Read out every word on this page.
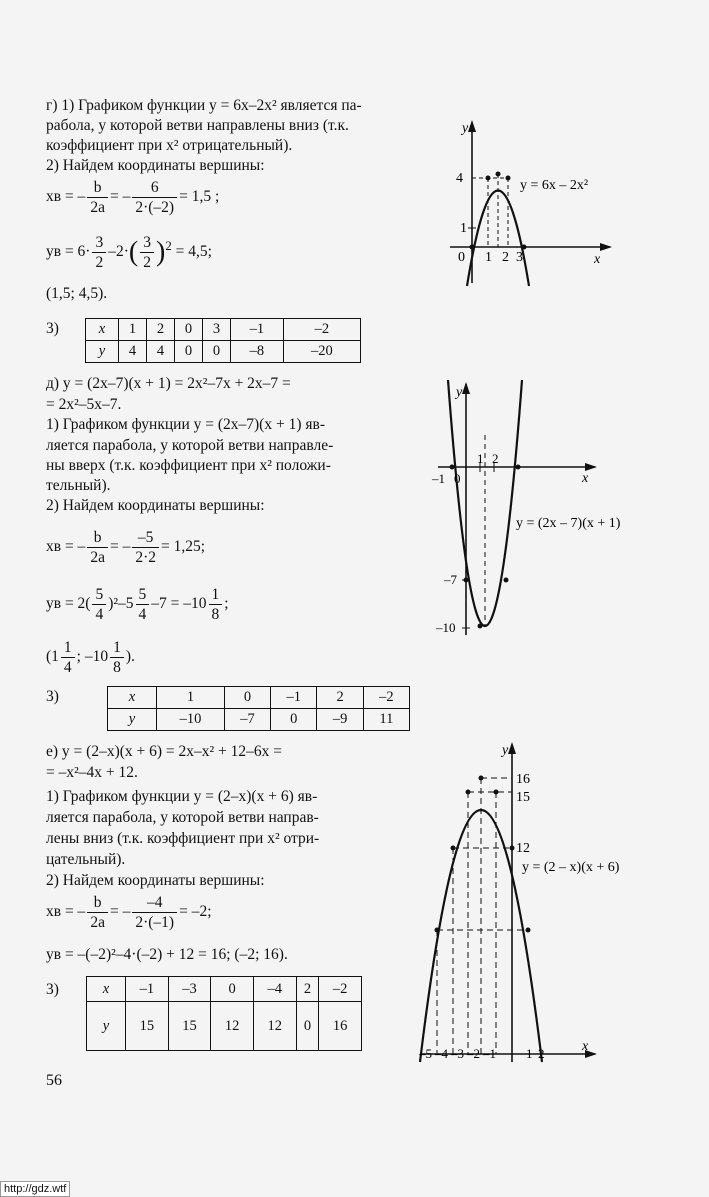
г) 1) Графиком функции y = 6x–2x² является па-
рабола, у которой ветви направлены вниз (т.к.
коэффициент при x² отрицательный).
2) Найдем координаты вершины:
xв = – $\frac{b}{2a}$ = – $\frac{6}{2\cdot(-2)} = 1,5$ ;
yв = $6\cdot \frac{3}{2} -2\cdot( \frac{3}{2} )^2 = 4,5$;
(1,5; 4,5).
3)	x	1	2	0	3	–1	–2
y	4	4	0	0	–8	–20
y
x
4
1
0 1 2 3
y = 6x – 2x²
д) y = (2x–7)(x + 1) = 2x²–7x + 2x–7 =
= 2x²–5x–7.
1) Графиком функции y = (2x–7)(x + 1) яв-
ляется парабола, у которой ветви направле-
ны вверх (т.к. коэффициент при x² положи-
тельный).
2) Найдем координаты вершины:
xв = – $\frac{b}{2a}$ = – $\frac{-5}{2\cdot 2} = 1,25$;
yв = $2( \frac{5}{4} )^2-5 \frac{5}{4} -7 = -10 \frac{1}{8}$ ;
($1 \frac{1}{4}$ ; $-10 \frac{1}{8}$ ).
3)	x	1	0	–1	2	–2
y	–10	–7	0	–9	11
y
x
1 2
–1 0
–7
–10
y = (2x – 7)(x + 1)
е) y = (2–x)(x + 6) = 2x–x² + 12–6x =
= –x²–4x + 12.
1) Графиком функции y = (2–x)(x + 6) яв-
ляется парабола, у которой ветви направ-
лены вниз (т.к. коэффициент при x² отри-
цательный).
2) Найдем координаты вершины:
xв = – $\frac{b}{2a}$ = – $\frac{-4}{2\cdot(-1)} = -2$;
yв = –(–2)²–4·(–2) + 12 = 16; (–2; 16).
3)	x	–1	–3	0	–4	2	–2
y	15	15	12	12	0	16
y
x
16
15
12
–5 –4 –3 –2 –1 1 2
y = (2 – x)(x + 6)
56
http://gdz.wtf
